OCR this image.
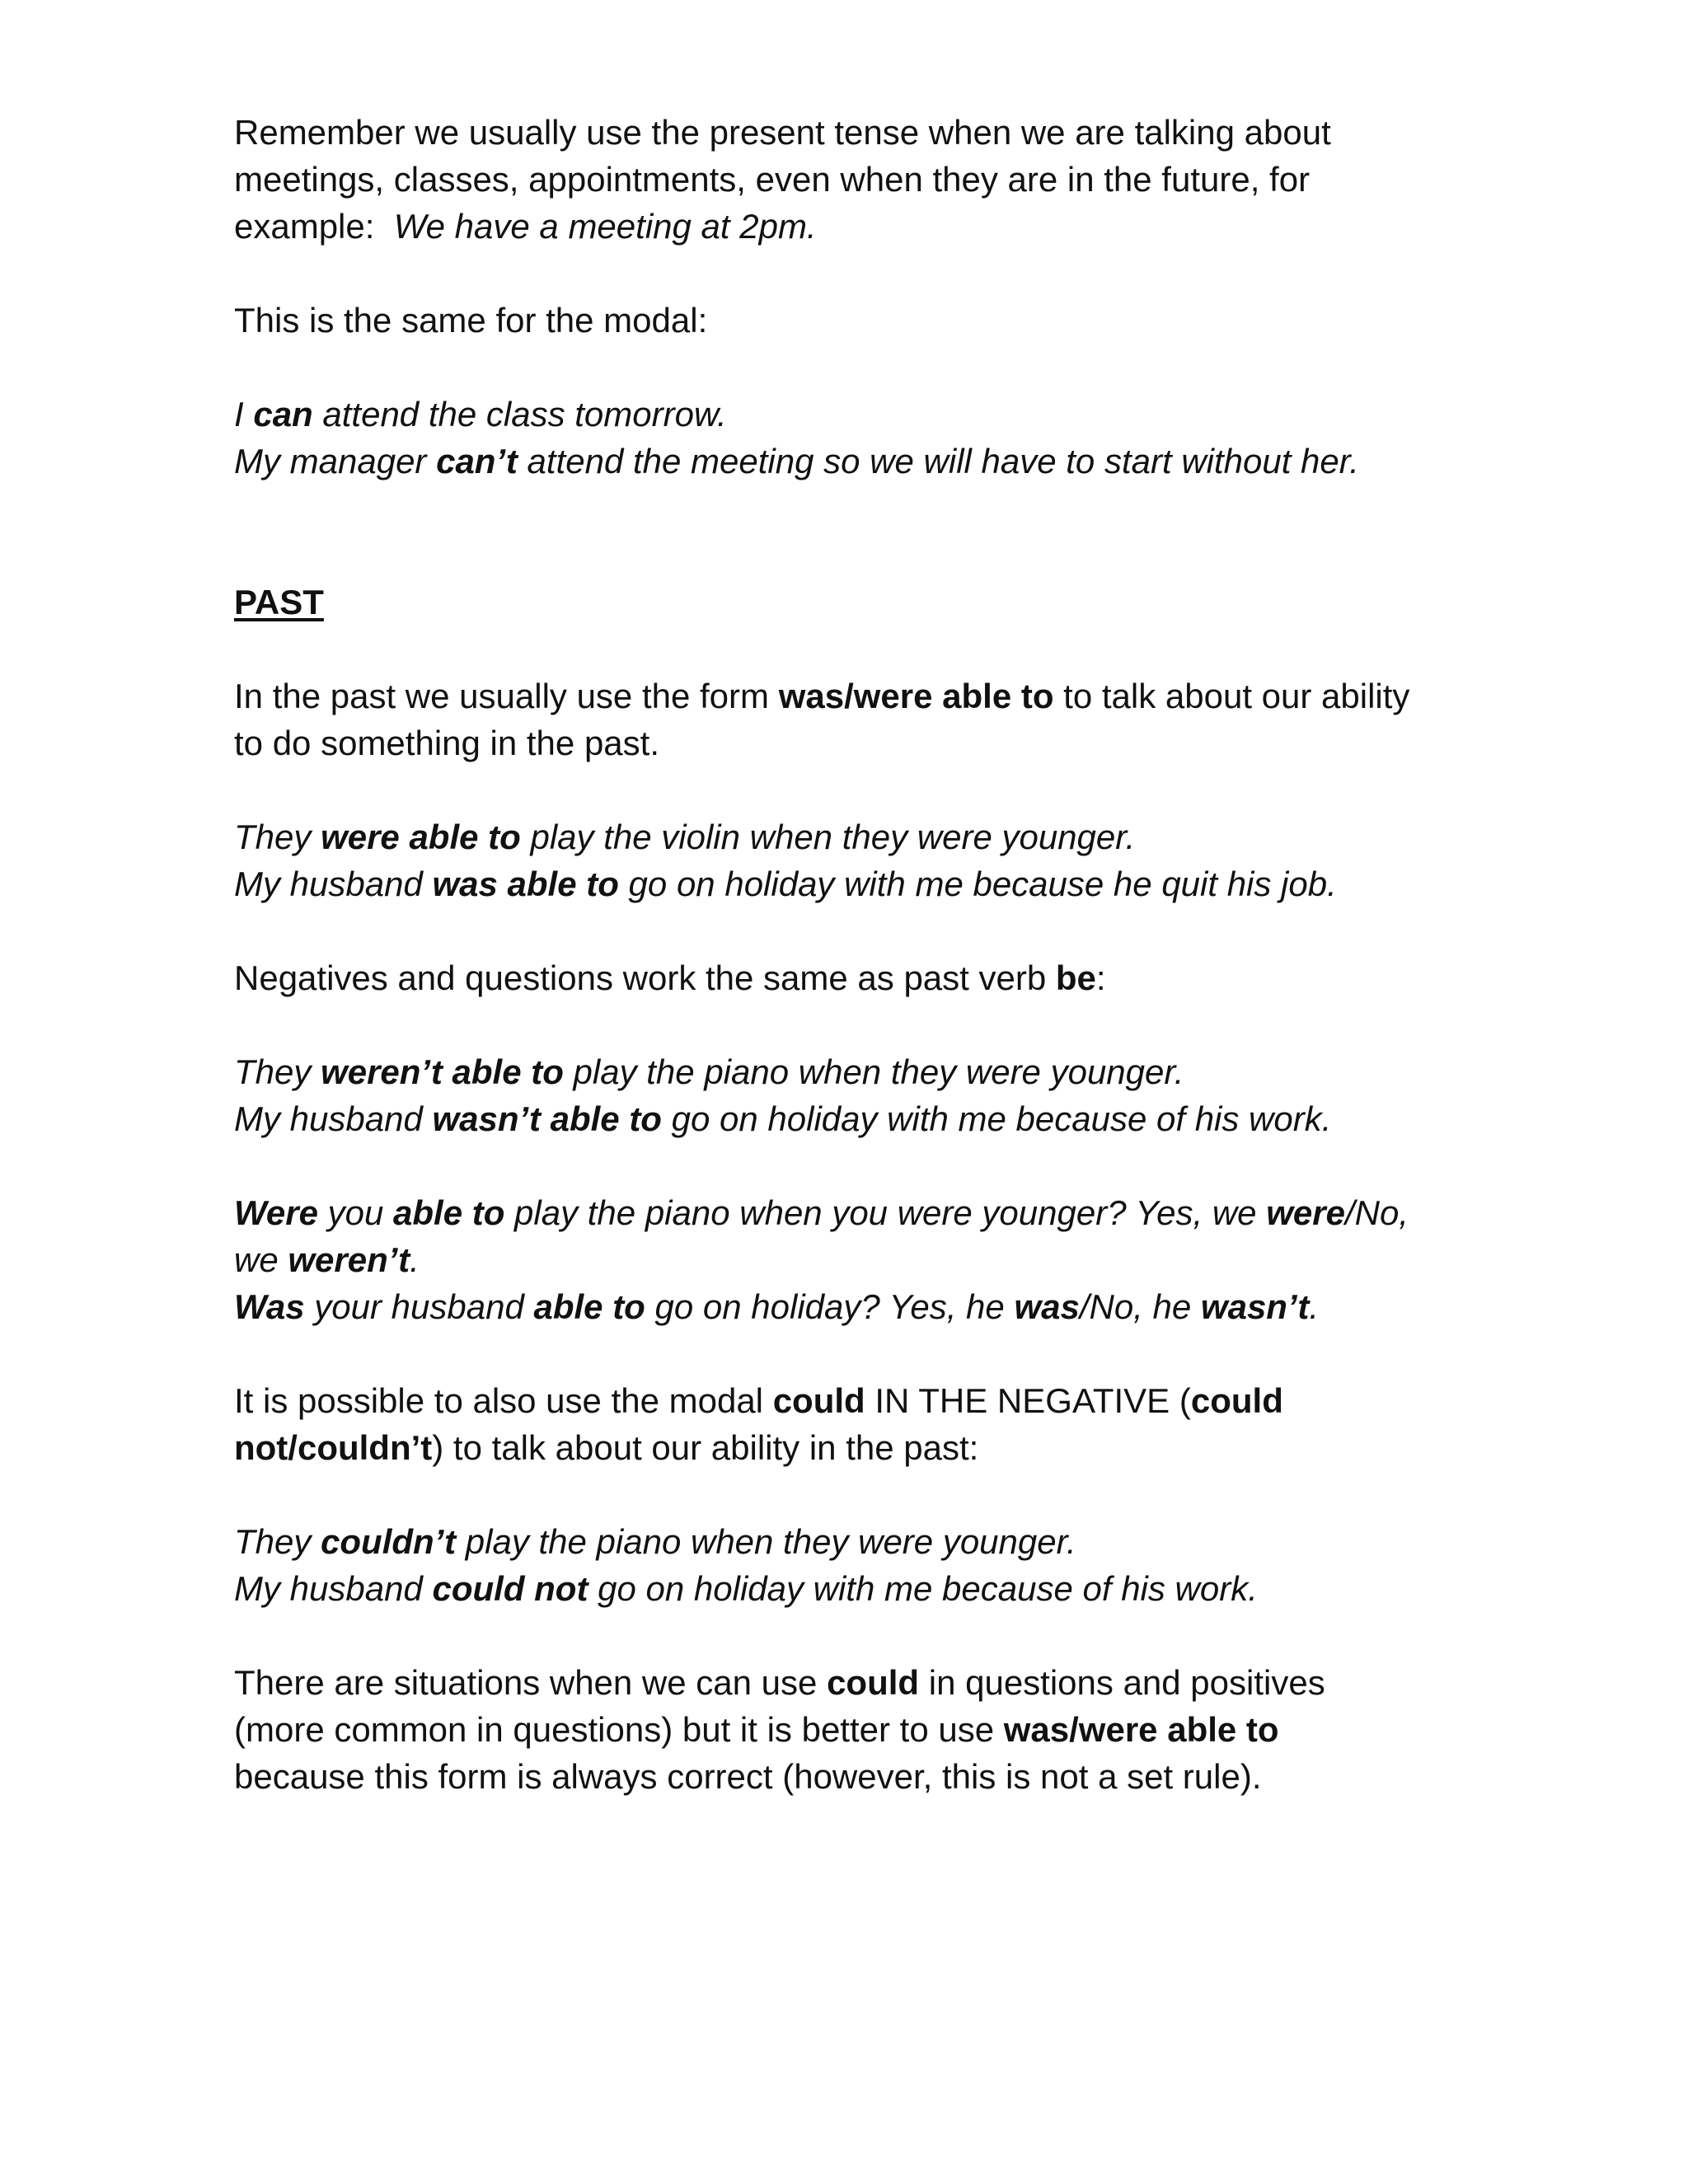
Remember we usually use the present tense when we are talking about
meetings, classes, appointments, even when they are in the future, for
example:  We have a meeting at 2pm.
This is the same for the modal:
I can attend the class tomorrow.
My manager can’t attend the meeting so we will have to start without her.
PAST
In the past we usually use the form was/were able to to talk about our ability
to do something in the past.
They were able to play the violin when they were younger.
My husband was able to go on holiday with me because he quit his job.
Negatives and questions work the same as past verb be:
They weren’t able to play the piano when they were younger.
My husband wasn’t able to go on holiday with me because of his work.
Were you able to play the piano when you were younger? Yes, we were/No,
we weren’t.
Was your husband able to go on holiday? Yes, he was/No, he wasn’t.
It is possible to also use the modal could IN THE NEGATIVE (could
not/couldn’t) to talk about our ability in the past:
They couldn’t play the piano when they were younger.
My husband could not go on holiday with me because of his work.
There are situations when we can use could in questions and positives
(more common in questions) but it is better to use was/were able to
because this form is always correct (however, this is not a set rule).
